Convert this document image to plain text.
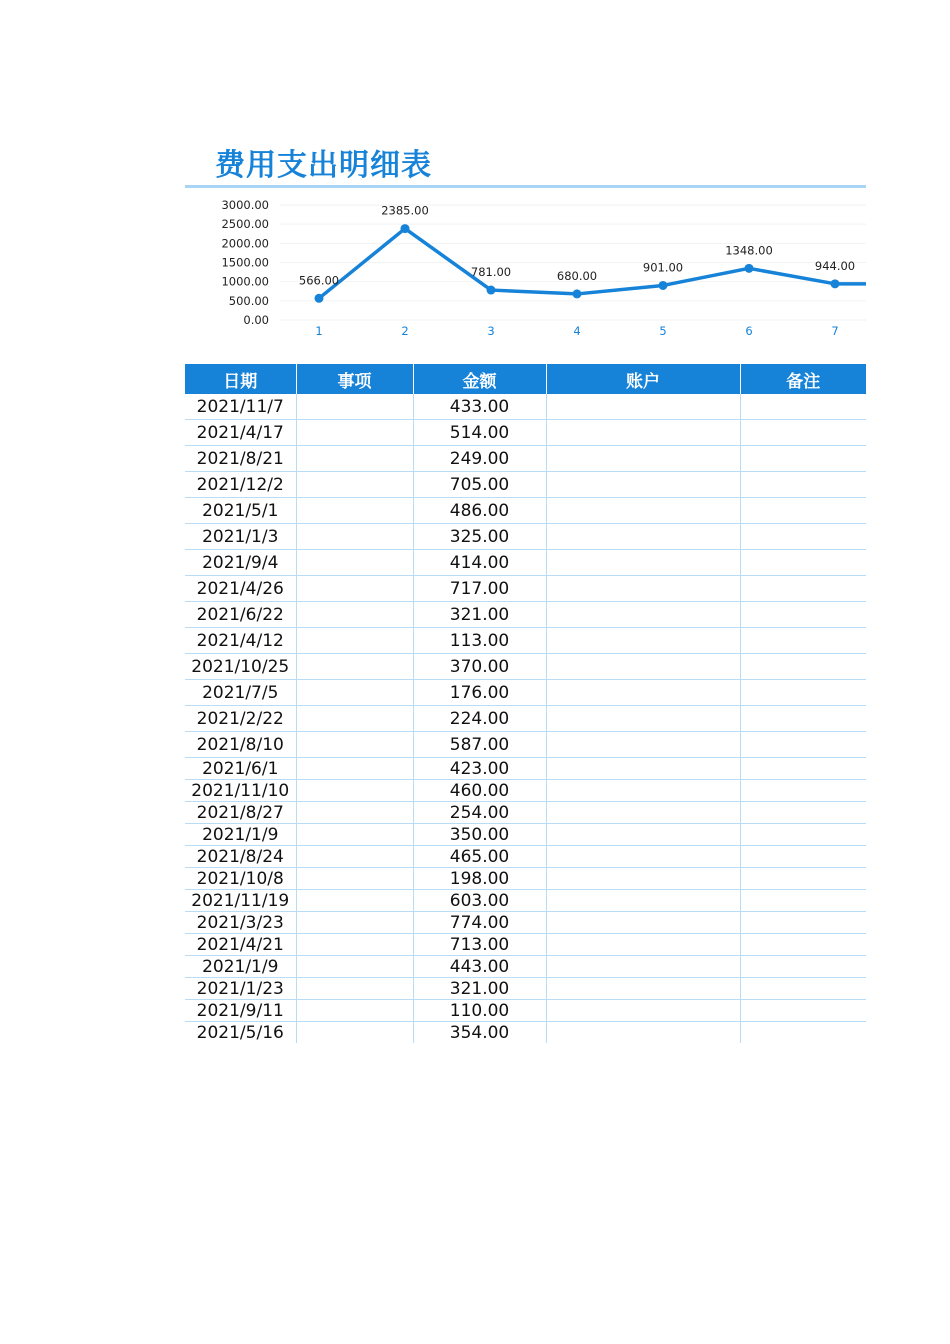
费用支出明细表
0.00
500.00
1000.00
1500.00
2000.00
2500.00
3000.00
1	2	3	4	5	6	7
566.00
2385.00
781.00	680.00
901.00
1348.00
944.00
日期	事项	金额	账户	备注
2021/11/7		433.00		
2021/4/17		514.00		
2021/8/21		249.00		
2021/12/2		705.00		
2021/5/1		486.00		
2021/1/3		325.00		
2021/9/4		414.00		
2021/4/26		717.00		
2021/6/22		321.00		
2021/4/12		113.00		
2021/10/25		370.00		
2021/7/5		176.00		
2021/2/22		224.00		
2021/8/10		587.00		
2021/6/1		423.00		
2021/11/10		460.00		
2021/8/27		254.00		
2021/1/9		350.00		
2021/8/24		465.00		
2021/10/8		198.00		
2021/11/19		603.00		
2021/3/23		774.00		
2021/4/21		713.00		
2021/1/9		443.00		
2021/1/23		321.00		
2021/9/11		110.00		
2021/5/16		354.00		
